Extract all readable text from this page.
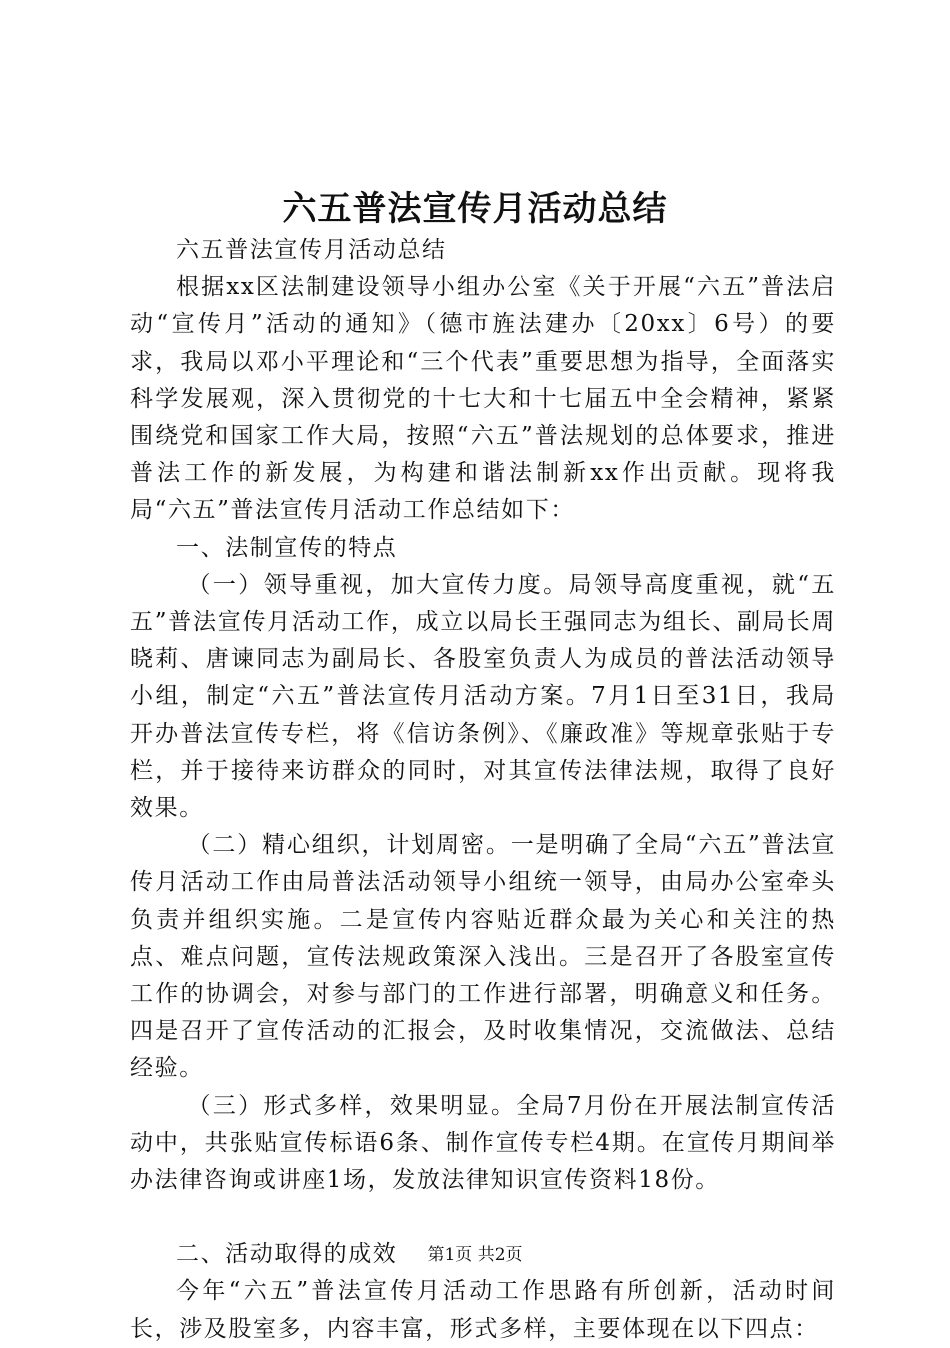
六五普法宣传月活动总结

六五普法宣传月活动总结

根据xx区法制建设领导小组办公室《关于开展“六五”普法启动“宣传月”活动的通知》（德市旌法建办〔20xx〕6号）的要求，我局以邓小平理论和“三个代表”重要思想为指导，全面落实科学发展观，深入贯彻党的十七大和十七届五中全会精神，紧紧围绕党和国家工作大局，按照“六五”普法规划的总体要求，推进普法工作的新发展，为构建和谐法制新xx作出贡献。现将我局“六五”普法宣传月活动工作总结如下：

一、法制宣传的特点

（一）领导重视，加大宣传力度。局领导高度重视，就“五五”普法宣传月活动工作，成立以局长王强同志为组长、副局长周晓莉、唐谏同志为副局长、各股室负责人为成员的普法活动领导小组，制定“六五”普法宣传月活动方案。7月1日至31日，我局开办普法宣传专栏，将《信访条例》、《廉政准》等规章张贴于专栏，并于接待来访群众的同时，对其宣传法律法规，取得了良好效果。

（二）精心组织，计划周密。一是明确了全局“六五”普法宣传月活动工作由局普法活动领导小组统一领导，由局办公室牵头负责并组织实施。二是宣传内容贴近群众最为关心和关注的热点、难点问题，宣传法规政策深入浅出。三是召开了各股室宣传工作的协调会，对参与部门的工作进行部署，明确意义和任务。四是召开了宣传活动的汇报会，及时收集情况，交流做法、总结经验。

（三）形式多样，效果明显。全局7月份在开展法制宣传活动中，共张贴宣传标语6条、制作宣传专栏4期。在宣传月期间举办法律咨询或讲座1场，发放法律知识宣传资料18份。

二、活动取得的成效

今年“六五”普法宣传月活动工作思路有所创新，活动时间长，涉及股室多，内容丰富，形式多样，主要体现在以下四点：

第1页 共2页
